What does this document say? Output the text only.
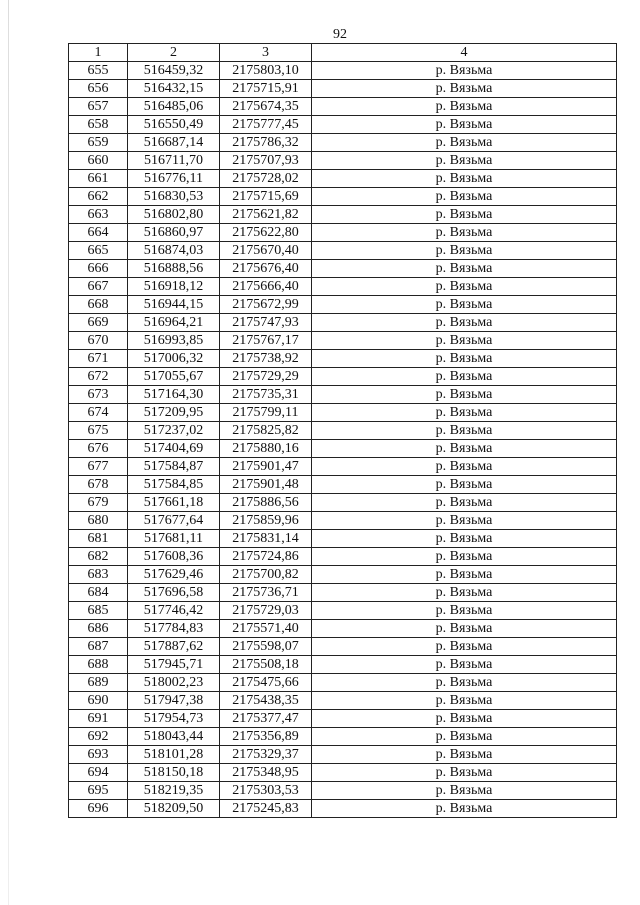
92
1	2	3	4
655	516459,32	2175803,10	р. Вязьма
656	516432,15	2175715,91	р. Вязьма
657	516485,06	2175674,35	р. Вязьма
658	516550,49	2175777,45	р. Вязьма
659	516687,14	2175786,32	р. Вязьма
660	516711,70	2175707,93	р. Вязьма
661	516776,11	2175728,02	р. Вязьма
662	516830,53	2175715,69	р. Вязьма
663	516802,80	2175621,82	р. Вязьма
664	516860,97	2175622,80	р. Вязьма
665	516874,03	2175670,40	р. Вязьма
666	516888,56	2175676,40	р. Вязьма
667	516918,12	2175666,40	р. Вязьма
668	516944,15	2175672,99	р. Вязьма
669	516964,21	2175747,93	р. Вязьма
670	516993,85	2175767,17	р. Вязьма
671	517006,32	2175738,92	р. Вязьма
672	517055,67	2175729,29	р. Вязьма
673	517164,30	2175735,31	р. Вязьма
674	517209,95	2175799,11	р. Вязьма
675	517237,02	2175825,82	р. Вязьма
676	517404,69	2175880,16	р. Вязьма
677	517584,87	2175901,47	р. Вязьма
678	517584,85	2175901,48	р. Вязьма
679	517661,18	2175886,56	р. Вязьма
680	517677,64	2175859,96	р. Вязьма
681	517681,11	2175831,14	р. Вязьма
682	517608,36	2175724,86	р. Вязьма
683	517629,46	2175700,82	р. Вязьма
684	517696,58	2175736,71	р. Вязьма
685	517746,42	2175729,03	р. Вязьма
686	517784,83	2175571,40	р. Вязьма
687	517887,62	2175598,07	р. Вязьма
688	517945,71	2175508,18	р. Вязьма
689	518002,23	2175475,66	р. Вязьма
690	517947,38	2175438,35	р. Вязьма
691	517954,73	2175377,47	р. Вязьма
692	518043,44	2175356,89	р. Вязьма
693	518101,28	2175329,37	р. Вязьма
694	518150,18	2175348,95	р. Вязьма
695	518219,35	2175303,53	р. Вязьма
696	518209,50	2175245,83	р. Вязьма
